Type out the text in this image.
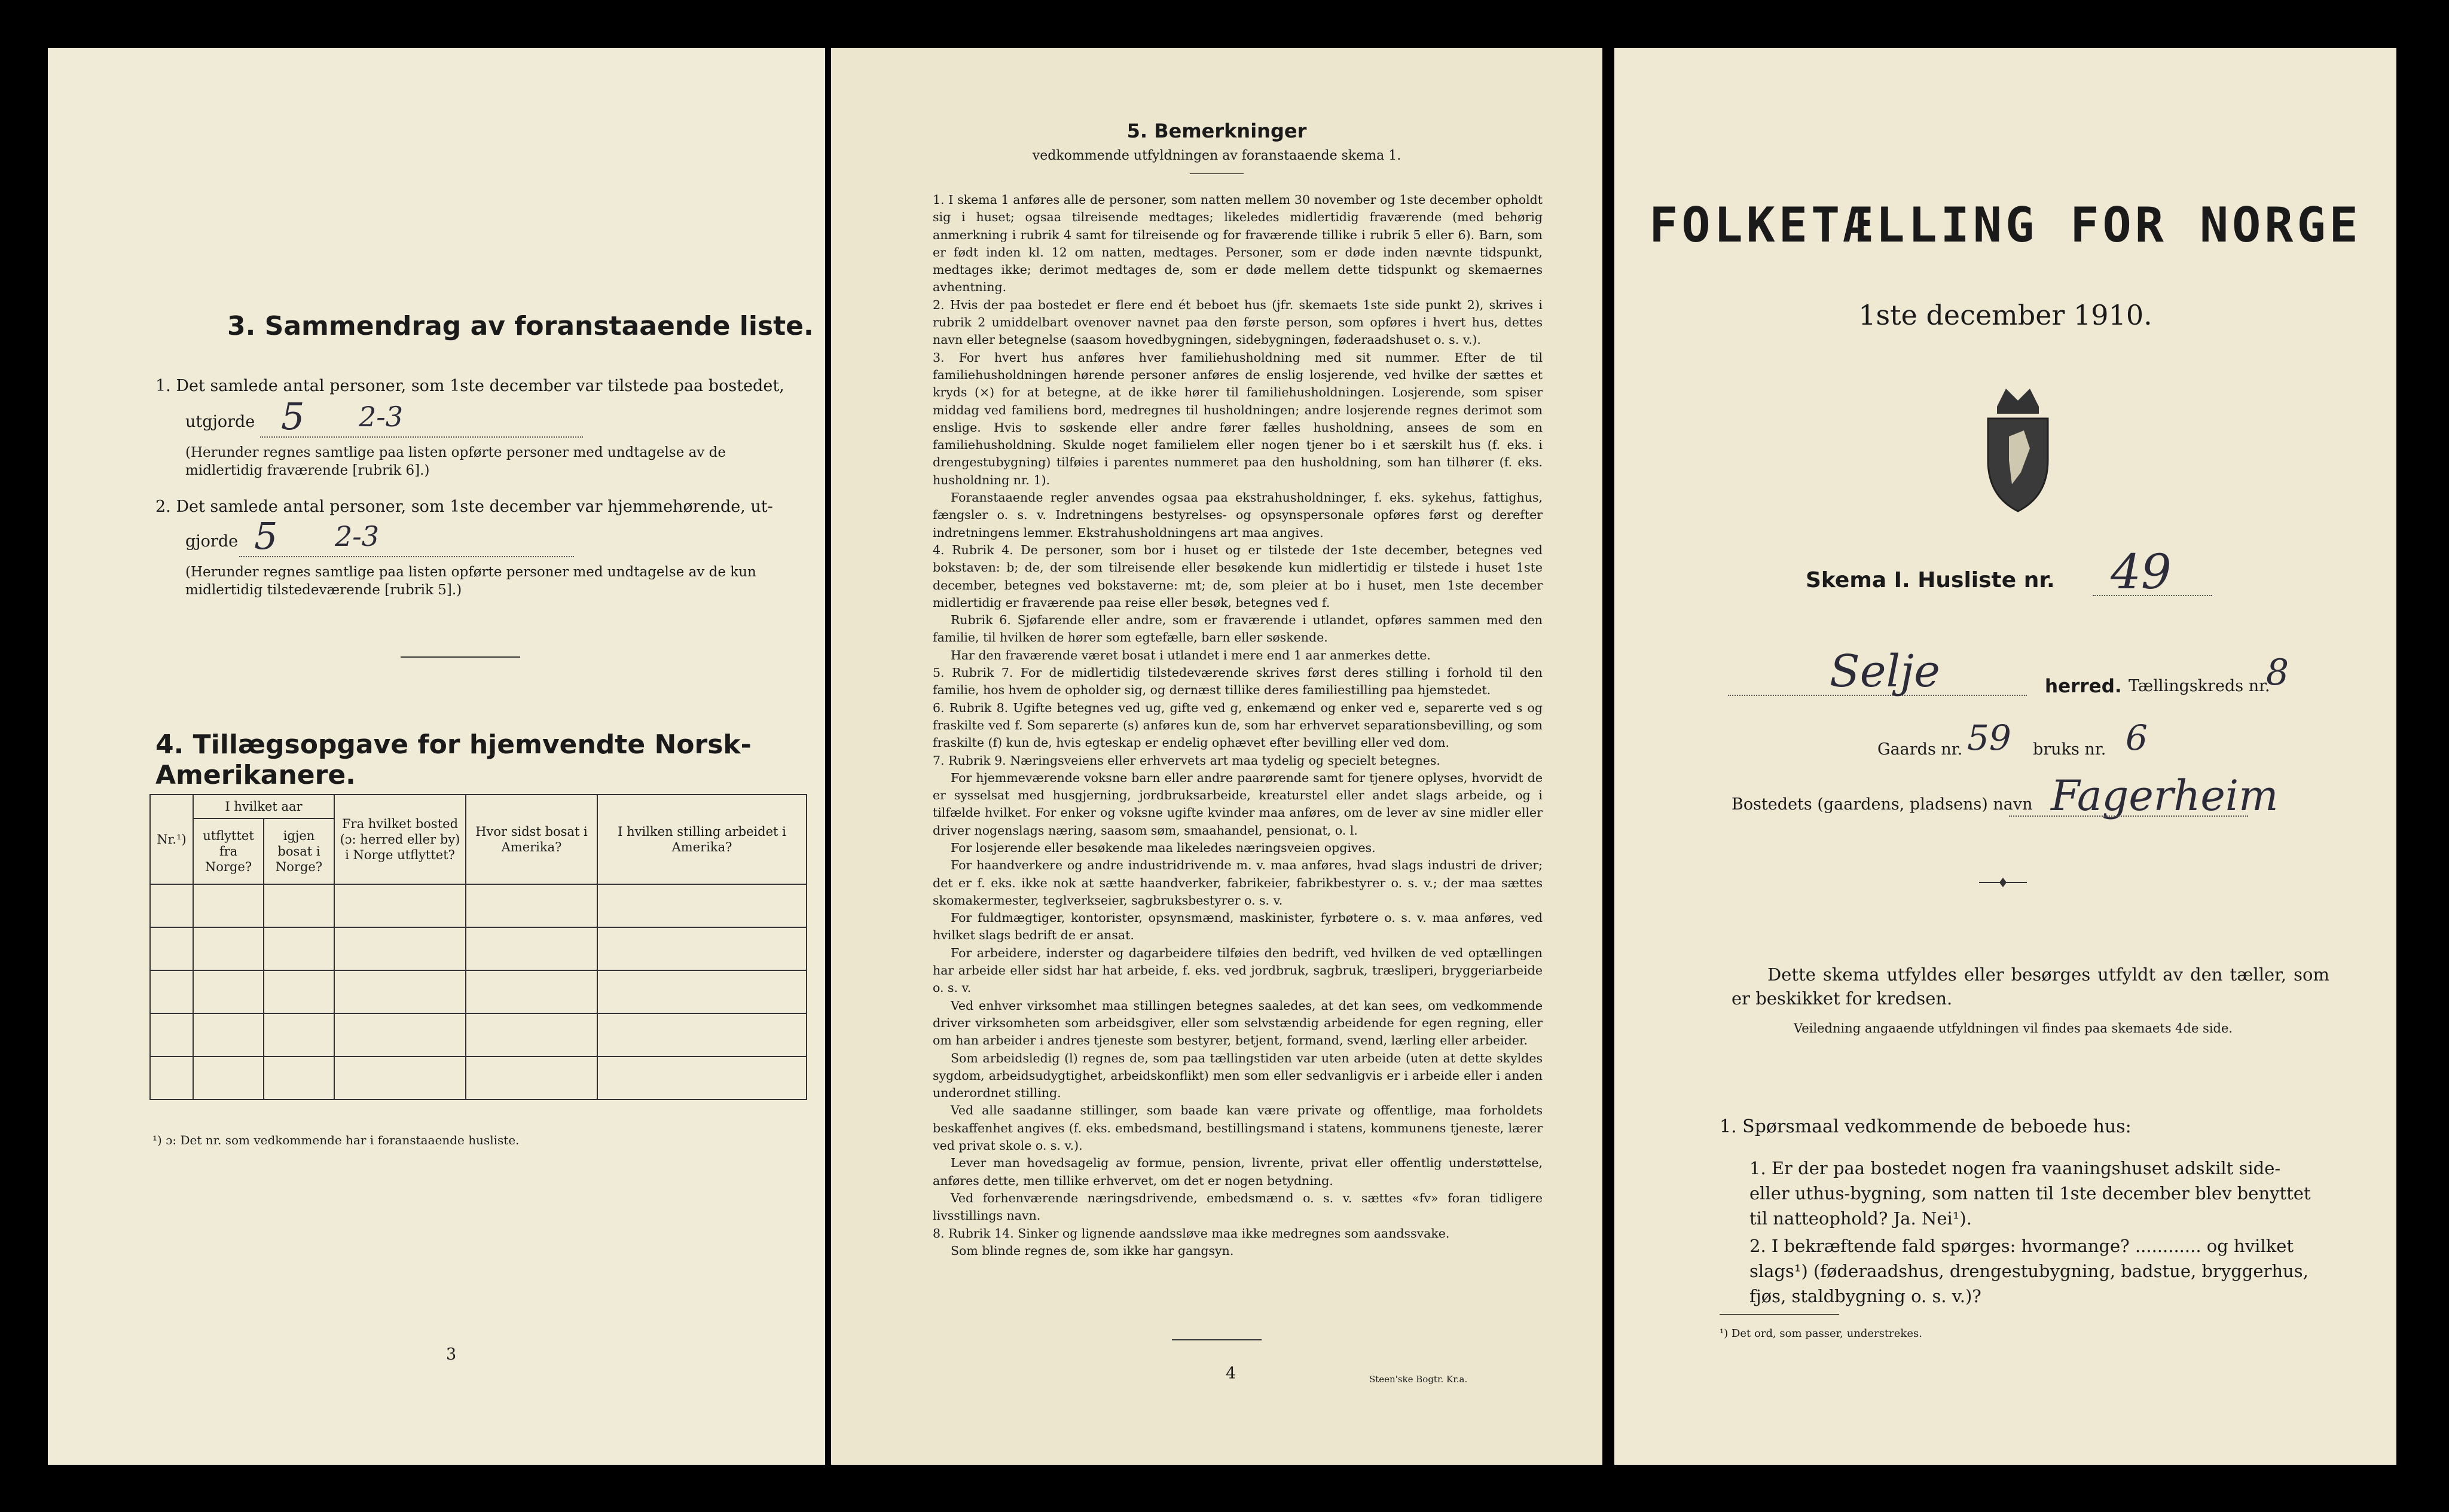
3. Sammendrag av foranstaaende liste.
1. Det samlede antal personer, som 1ste december var tilstede paa bostedet,
utgjorde 5 2-3
(Herunder regnes samtlige paa listen opførte personer med undtagelse av de midlertidig fraværende [rubrik 6].)
2. Det samlede antal personer, som 1ste december var hjemmehørende, ut-
gjorde 5 2-3
(Herunder regnes samtlige paa listen opførte personer med undtagelse av de kun midlertidig tilstedeværende [rubrik 5].)
4. Tillægsopgave for hjemvendte Norsk-Amerikanere.
Nr.¹)	I hvilket aar		Fra hvilket bosted (ɔ: herred eller by) i Norge utflyttet?	Hvor sidst bosat i Amerika?	I hvilken stilling arbeidet i Amerika?
	utflyttet fra Norge?	igjen bosat i Norge?			

¹) ɔ: Det nr. som vedkommende har i foranstaaende husliste.
3
5. Bemerkninger
vedkommende utfyldningen av foranstaaende skema 1.

1. I skema 1 anføres alle de personer, som natten mellem 30 november og 1ste december opholdt sig i huset; ogsaa tilreisende medtages; likeledes midlertidig fraværende (med behørig anmerkning i rubrik 4 samt for tilreisende og for fraværende tillike i rubrik 5 eller 6). Barn, som er født inden kl. 12 om natten, medtages. Personer, som er døde inden nævnte tidspunkt, medtages ikke; derimot medtages de, som er døde mellem dette tidspunkt og skemaernes avhentning.

2. Hvis der paa bostedet er flere end ét beboet hus (jfr. skemaets 1ste side punkt 2), skrives i rubrik 2 umiddelbart ovenover navnet paa den første person, som opføres i hvert hus, dettes navn eller betegnelse (saasom hovedbygningen, sidebygningen, føderaadshuset o. s. v.).

3. For hvert hus anføres hver familiehusholdning med sit nummer. Efter de til familiehusholdningen hørende personer anføres de enslig losjerende, ved hvilke der sættes et kryds (×) for at betegne, at de ikke hører til familiehusholdningen. Losjerende, som spiser middag ved familiens bord, medregnes til husholdningen; andre losjerende regnes derimot som enslige. Hvis to søskende eller andre fører fælles husholdning, ansees de som en familiehusholdning. Skulde noget familielem eller nogen tjener bo i et særskilt hus (f. eks. i drengestubygning) tilføies i parentes nummeret paa den husholdning, som han tilhører (f. eks. husholdning nr. 1).

Foranstaaende regler anvendes ogsaa paa ekstrahusholdninger, f. eks. sykehus, fattighus, fængsler o. s. v. Indretningens bestyrelses- og opsynspersonale opføres først og derefter indretningens lemmer. Ekstrahusholdningens art maa angives.

4. Rubrik 4. De personer, som bor i huset og er tilstede der 1ste december, betegnes ved bokstaven: b; de, der som tilreisende eller besøkende kun midlertidig er tilstede i huset 1ste december, betegnes ved bokstaverne: mt; de, som pleier at bo i huset, men 1ste december midlertidig er fraværende paa reise eller besøk, betegnes ved f.

Rubrik 6. Sjøfarende eller andre, som er fraværende i utlandet, opføres sammen med den familie, til hvilken de hører som egtefælle, barn eller søskende.

Har den fraværende været bosat i utlandet i mere end 1 aar anmerkes dette.

5. Rubrik 7. For de midlertidig tilstedeværende skrives først deres stilling i forhold til den familie, hos hvem de opholder sig, og dernæst tillike deres familiestilling paa hjemstedet.

6. Rubrik 8. Ugifte betegnes ved ug, gifte ved g, enkemænd og enker ved e, separerte ved s og fraskilte ved f. Som separerte (s) anføres kun de, som har erhvervet separationsbevilling, og som fraskilte (f) kun de, hvis egteskap er endelig ophævet efter bevilling eller ved dom.

7. Rubrik 9. Næringsveiens eller erhvervets art maa tydelig og specielt betegnes.

For hjemmeværende voksne barn eller andre paarørende samt for tjenere oplyses, hvorvidt de er sysselsat med husgjerning, jordbruksarbeide, kreaturstel eller andet slags arbeide, og i tilfælde hvilket. For enker og voksne ugifte kvinder maa anføres, om de lever av sine midler eller driver nogenslags næring, saasom søm, smaahandel, pensionat, o. l.

For losjerende eller besøkende maa likeledes næringsveien opgives.

For haandverkere og andre industridrivende m. v. maa anføres, hvad slags industri de driver; det er f. eks. ikke nok at sætte haandverker, fabrikeier, fabrikbestyrer o. s. v.; der maa sættes skomakermester, teglverkseier, sagbruksbestyrer o. s. v.

For fuldmægtiger, kontorister, opsynsmænd, maskinister, fyrbøtere o. s. v. maa anføres, ved hvilket slags bedrift de er ansat.

For arbeidere, inderster og dagarbeidere tilføies den bedrift, ved hvilken de ved optællingen har arbeide eller sidst har hat arbeide, f. eks. ved jordbruk, sagbruk, træsliperi, bryggeriarbeide o. s. v.

Ved enhver virksomhet maa stillingen betegnes saaledes, at det kan sees, om vedkommende driver virksomheten som arbeidsgiver, eller som selvstændig arbeidende for egen regning, eller om han arbeider i andres tjeneste som bestyrer, betjent, formand, svend, lærling eller arbeider.

Som arbeidsledig (l) regnes de, som paa tællingstiden var uten arbeide (uten at dette skyldes sygdom, arbeidsudygtighet, arbeidskonflikt) men som eller sedvanligvis er i arbeide eller i anden underordnet stilling.

Ved alle saadanne stillinger, som baade kan være private og offentlige, maa forholdets beskaffenhet angives (f. eks. embedsmand, bestillingsmand i statens, kommunens tjeneste, lærer ved privat skole o. s. v.).

Lever man hovedsagelig av formue, pension, livrente, privat eller offentlig understøttelse, anføres dette, men tillike erhvervet, om det er nogen betydning.

Ved forhenværende næringsdrivende, embedsmænd o. s. v. sættes «fv» foran tidligere livsstillings navn.

8. Rubrik 14. Sinker og lignende aandssløve maa ikke medregnes som aandssvake.

Som blinde regnes de, som ikke har gangsyn.

4	Steen'ske Bogtr. Kr.a.
FOLKETÆLLING FOR NORGE
1ste december 1910.
Skema I. Husliste nr. 49
Selje	herred. Tællingskreds nr.
8
Gaards nr. 59 bruks nr. 6
Bostedets (gaardens, pladsens) navn Fagerheim
Dette skema utfyldes eller besørges utfyldt av den tæller, som er beskikket for kredsen.
Veiledning angaaende utfyldningen vil findes paa skemaets 4de side.
1. Spørsmaal vedkommende de beboede hus:
1. Er der paa bostedet nogen fra vaaningshuset adskilt side- eller uthus-bygning, som natten til 1ste december blev benyttet til natteophold? Ja. Nei¹).
2. I bekræftende fald spørges: hvormange? ............ og hvilket slags¹) (føderaadshus, drengestubygning, badstue, bryggerhus, fjøs, staldbygning o. s. v.)?
¹) Det ord, som passer, understrekes.
